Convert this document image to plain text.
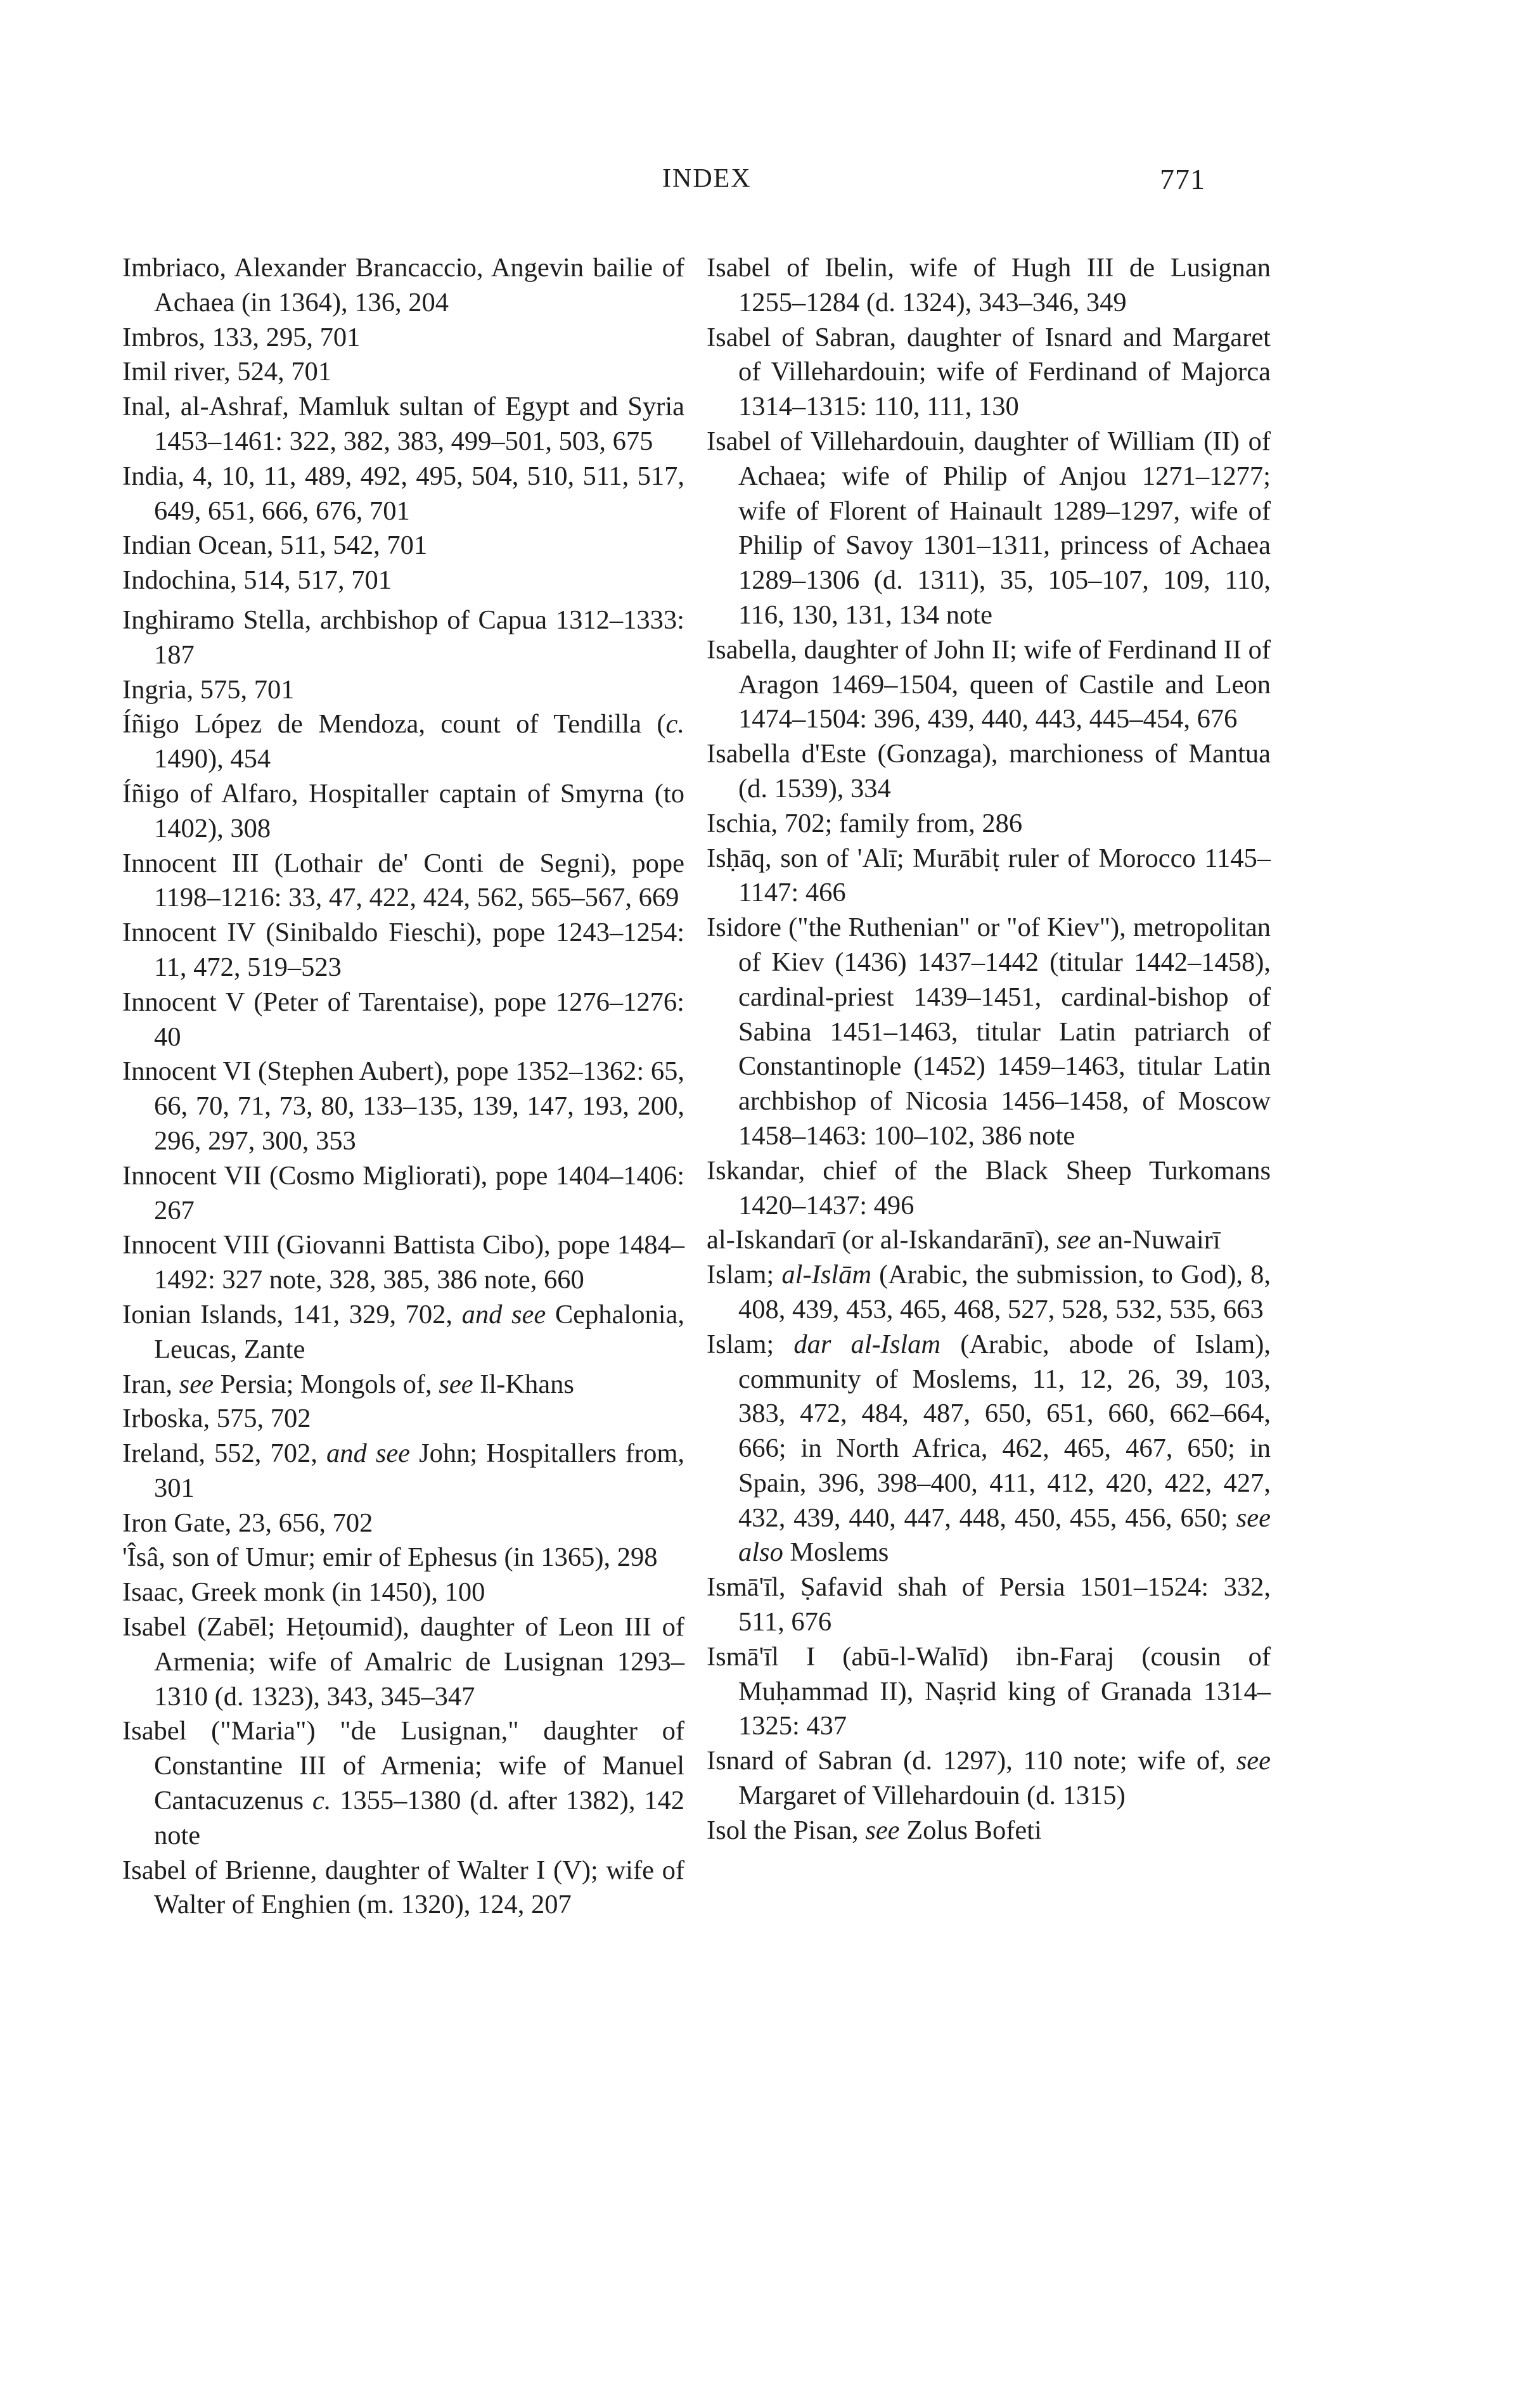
INDEX	771

Imbriaco, Alexander Brancaccio, Angevin bailie of Achaea (in 1364), 136, 204

Imbros, 133, 295, 701

Imil river, 524, 701

Inal, al-Ashraf, Mamluk sultan of Egypt and Syria 1453–1461: 322, 382, 383, 499–501, 503, 675

India, 4, 10, 11, 489, 492, 495, 504, 510, 511, 517, 649, 651, 666, 676, 701

Indian Ocean, 511, 542, 701

Indochina, 514, 517, 701

Inghiramo Stella, archbishop of Capua 1312–1333: 187

Ingria, 575, 701

Íñigo López de Mendoza, count of Tendilla (c. 1490), 454

Íñigo of Alfaro, Hospitaller captain of Smyrna (to 1402), 308

Innocent III (Lothair de' Conti de Segni), pope 1198–1216: 33, 47, 422, 424, 562, 565–567, 669

Innocent IV (Sinibaldo Fieschi), pope 1243–1254: 11, 472, 519–523

Innocent V (Peter of Tarentaise), pope 1276–1276: 40

Innocent VI (Stephen Aubert), pope 1352–1362: 65, 66, 70, 71, 73, 80, 133–135, 139, 147, 193, 200, 296, 297, 300, 353

Innocent VII (Cosmo Migliorati), pope 1404–1406: 267

Innocent VIII (Giovanni Battista Cibo), pope 1484–1492: 327 note, 328, 385, 386 note, 660

Ionian Islands, 141, 329, 702, and see Cephalonia, Leucas, Zante

Iran, see Persia; Mongols of, see Il-Khans

Irboska, 575, 702

Ireland, 552, 702, and see John; Hospitallers from, 301

Iron Gate, 23, 656, 702

'Îsâ, son of Umur; emir of Ephesus (in 1365), 298

Isaac, Greek monk (in 1450), 100

Isabel (Zabēl; Heṭoumid), daughter of Leon III of Armenia; wife of Amalric de Lusignan 1293–1310 (d. 1323), 343, 345–347

Isabel ("Maria") "de Lusignan," daughter of Constantine III of Armenia; wife of Manuel Cantacuzenus c. 1355–1380 (d. after 1382), 142 note

Isabel of Brienne, daughter of Walter I (V); wife of Walter of Enghien (m. 1320), 124, 207

Isabel of Ibelin, wife of Hugh III de Lusignan 1255–1284 (d. 1324), 343–346, 349

Isabel of Sabran, daughter of Isnard and Margaret of Villehardouin; wife of Ferdinand of Majorca 1314–1315: 110, 111, 130

Isabel of Villehardouin, daughter of William (II) of Achaea; wife of Philip of Anjou 1271–1277; wife of Florent of Hainault 1289–1297, wife of Philip of Savoy 1301–1311, princess of Achaea 1289–1306 (d. 1311), 35, 105–107, 109, 110, 116, 130, 131, 134 note

Isabella, daughter of John II; wife of Ferdinand II of Aragon 1469–1504, queen of Castile and Leon 1474–1504: 396, 439, 440, 443, 445–454, 676

Isabella d'Este (Gonzaga), marchioness of Mantua (d. 1539), 334

Ischia, 702; family from, 286

Isḥāq, son of 'Alī; Murābiṭ ruler of Morocco 1145–1147: 466

Isidore ("the Ruthenian" or "of Kiev"), metropolitan of Kiev (1436) 1437–1442 (titular 1442–1458), cardinal-priest 1439–1451, cardinal-bishop of Sabina 1451–1463, titular Latin patriarch of Constantinople (1452) 1459–1463, titular Latin archbishop of Nicosia 1456–1458, of Moscow 1458–1463: 100–102, 386 note

Iskandar, chief of the Black Sheep Turkomans 1420–1437: 496

al-Iskandarī (or al-Iskandarānī), see an-Nuwairī

Islam; al-Islām (Arabic, the submission, to God), 8, 408, 439, 453, 465, 468, 527, 528, 532, 535, 663

Islam; dar al-Islam (Arabic, abode of Islam), community of Moslems, 11, 12, 26, 39, 103, 383, 472, 484, 487, 650, 651, 660, 662–664, 666; in North Africa, 462, 465, 467, 650; in Spain, 396, 398–400, 411, 412, 420, 422, 427, 432, 439, 440, 447, 448, 450, 455, 456, 650; see also Moslems

Ismā'īl, Ṣafavid shah of Persia 1501–1524: 332, 511, 676

Ismā'īl I (abū-l-Walīd) ibn-Faraj (cousin of Muḥammad II), Naṣrid king of Granada 1314–1325: 437

Isnard of Sabran (d. 1297), 110 note; wife of, see Margaret of Villehardouin (d. 1315)

Isol the Pisan, see Zolus Bofeti
